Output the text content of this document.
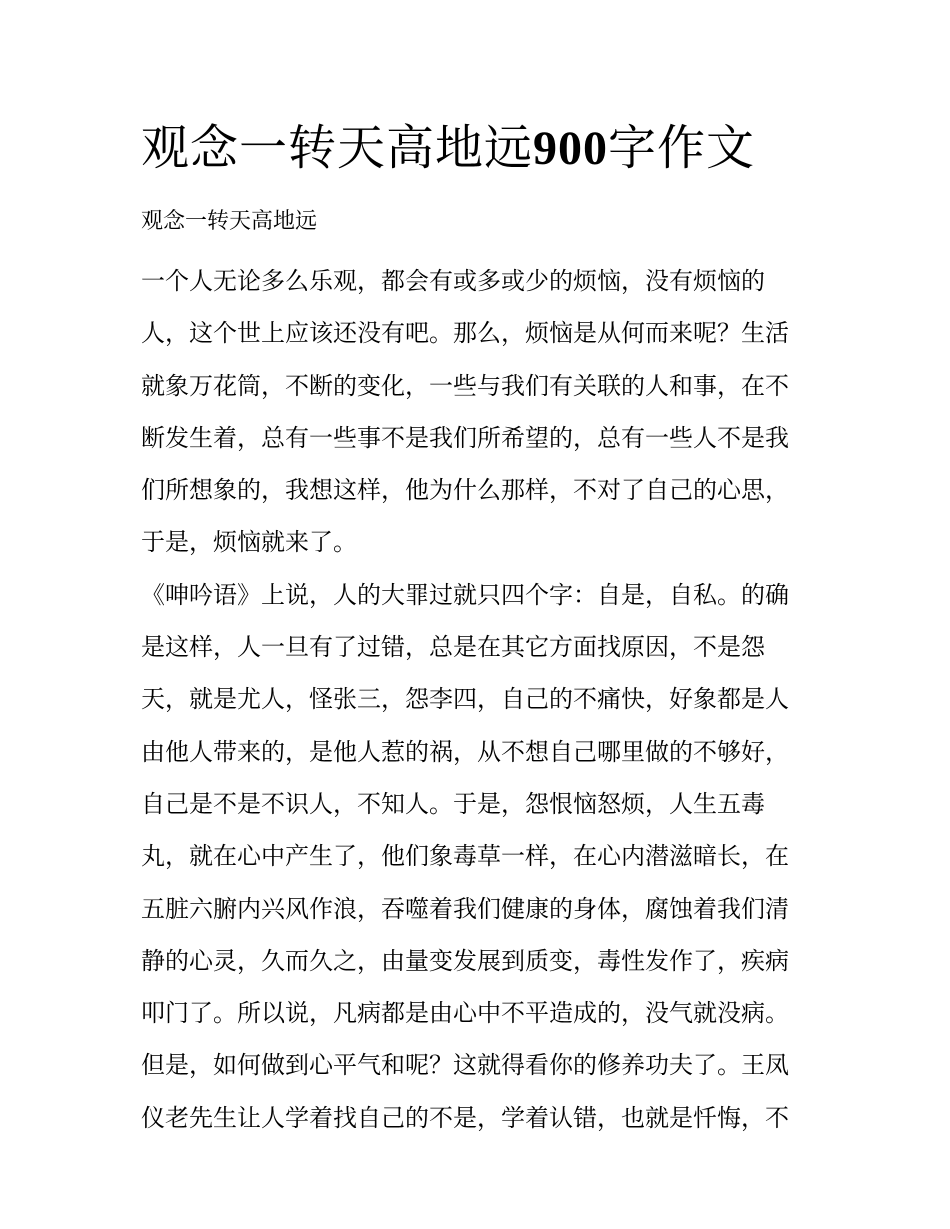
观念一转天高地远900字作文
观念一转天高地远
一个人无论多么乐观，都会有或多或少的烦恼，没有烦恼的
人，这个世上应该还没有吧。那么，烦恼是从何而来呢？生活
就象万花筒，不断的变化，一些与我们有关联的人和事，在不
断发生着，总有一些事不是我们所希望的，总有一些人不是我
们所想象的，我想这样，他为什么那样，不对了自己的心思，
于是，烦恼就来了。
《呻吟语》上说，人的大罪过就只四个字：自是，自私。的确
是这样，人一旦有了过错，总是在其它方面找原因，不是怨
天，就是尤人，怪张三，怨李四，自己的不痛快，好象都是人
由他人带来的，是他人惹的祸，从不想自己哪里做的不够好，
自己是不是不识人，不知人。于是，怨恨恼怒烦，人生五毒
丸，就在心中产生了，他们象毒草一样，在心内潜滋暗长，在
五脏六腑内兴风作浪，吞噬着我们健康的身体，腐蚀着我们清
静的心灵，久而久之，由量变发展到质变，毒性发作了，疾病
叩门了。所以说，凡病都是由心中不平造成的，没气就没病。
但是，如何做到心平气和呢？这就得看你的修养功夫了。王凤
仪老先生让人学着找自己的不是，学着认错，也就是忏悔，不
